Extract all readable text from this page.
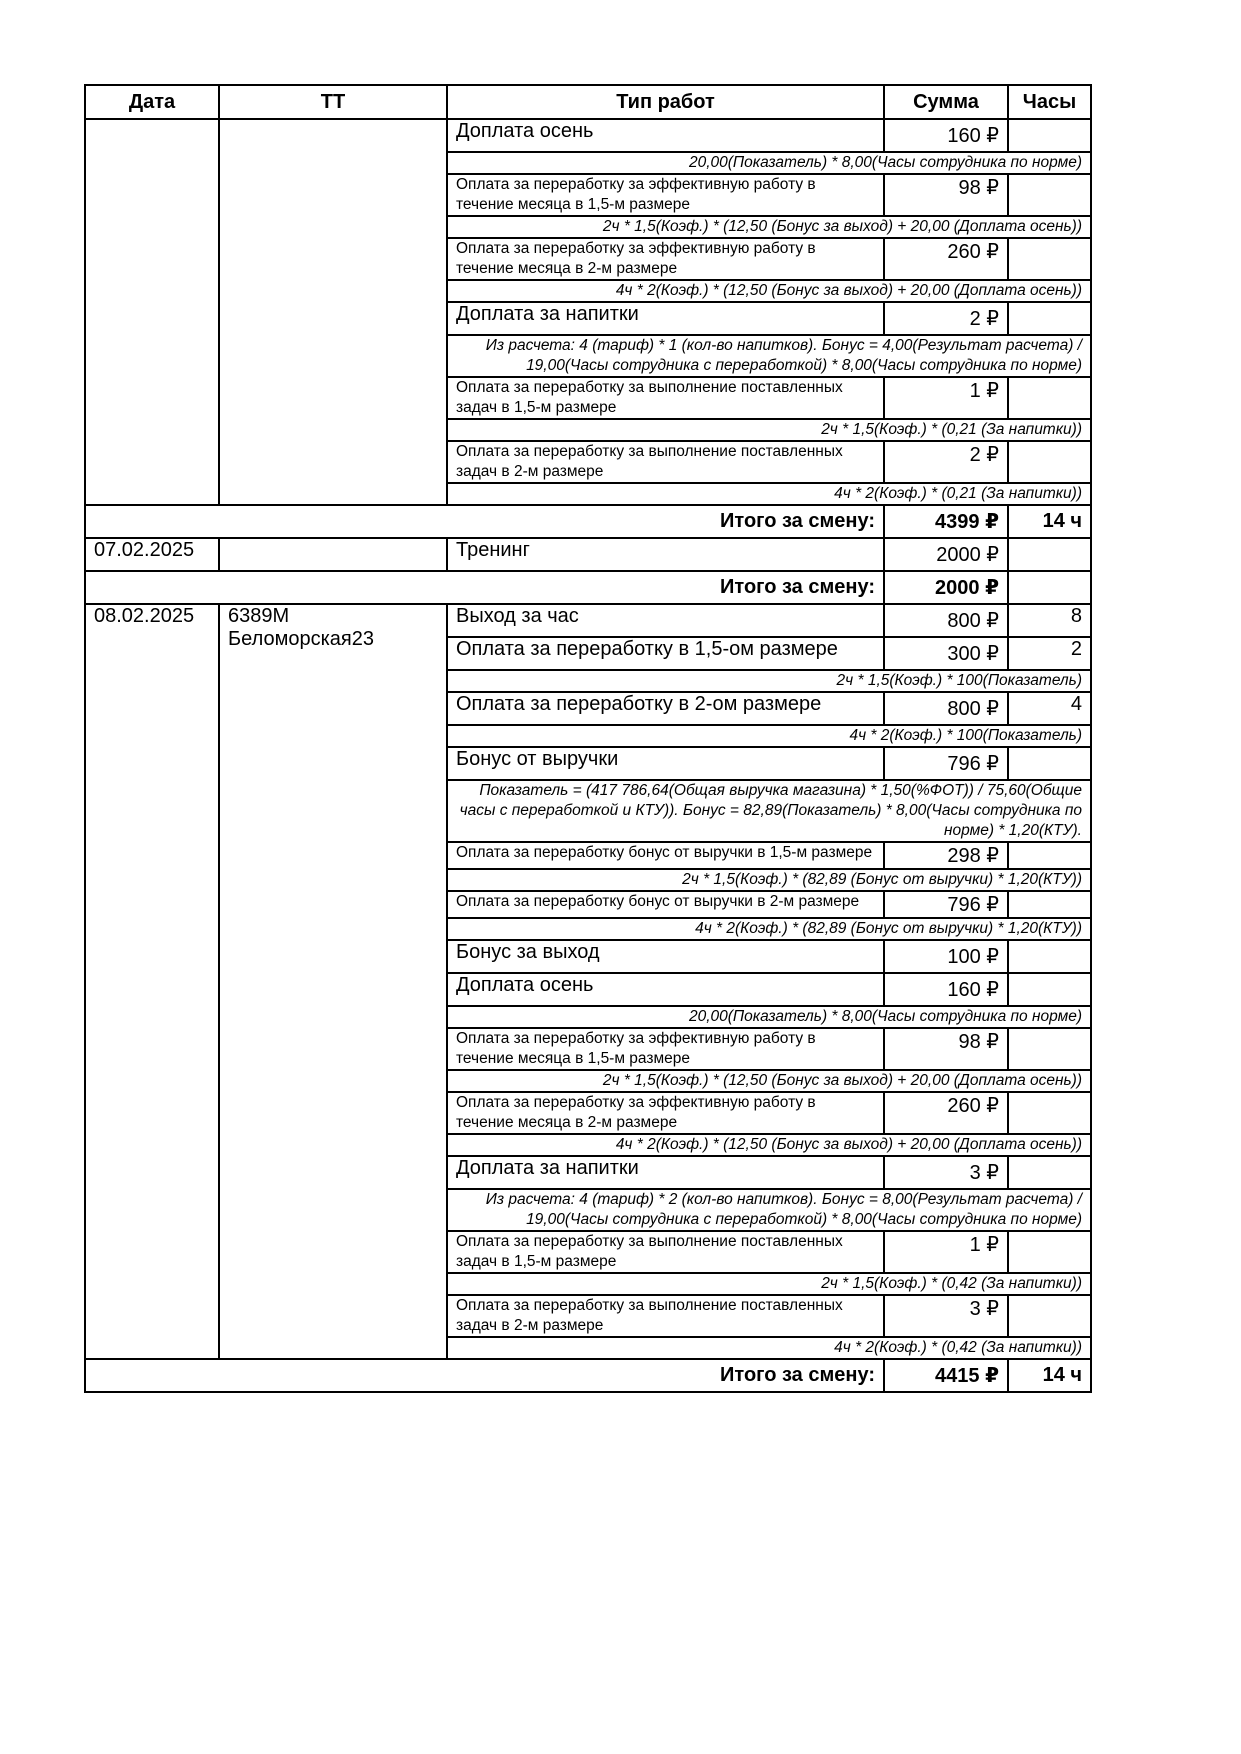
Дата	ТТ	Тип работ	Сумма	Часы
		Доплата осень	160 ₽	
		20,00(Показатель) * 8,00(Часы сотрудника по норме)		
		Оплата за переработку за эффективную работу в течение месяца в 1,5-м размере	98 ₽	
		2ч * 1,5(Коэф.) * (12,50 (Бонус за выход) + 20,00 (Доплата осень))		
		Оплата за переработку за эффективную работу в течение месяца в 2-м размере	260 ₽	
		4ч * 2(Коэф.) * (12,50 (Бонус за выход) + 20,00 (Доплата осень))		
		Доплата за напитки	2 ₽	
		Из расчета: 4 (тариф) * 1 (кол-во напитков). Бонус = 4,00(Результат расчета) / 19,00(Часы сотрудника с переработкой) * 8,00(Часы сотрудника по норме)		
		Оплата за переработку за выполнение поставленных задач в 1,5-м размере	1 ₽	
		2ч * 1,5(Коэф.) * (0,21 (За напитки))		
		Оплата за переработку за выполнение поставленных задач в 2-м размере	2 ₽	
		4ч * 2(Коэф.) * (0,21 (За напитки))		
Итого за смену:			4399 ₽	14 ч
07.02.2025		Тренинг	2000 ₽	
Итого за смену:			2000 ₽	
08.02.2025	6389М Беломорская23	Выход за час	800 ₽	8
		Оплата за переработку в 1,5-ом размере	300 ₽	2
		2ч * 1,5(Коэф.) * 100(Показатель)		
		Оплата за переработку в 2-ом размере	800 ₽	4
		4ч * 2(Коэф.) * 100(Показатель)		
		Бонус от выручки	796 ₽	
		Показатель = (417 786,64(Общая выручка магазина) * 1,50(%ФОТ)) / 75,60(Общие часы с переработкой и КТУ)). Бонус = 82,89(Показатель) * 8,00(Часы сотрудника по норме) * 1,20(КТУ).		
		Оплата за переработку бонус от выручки в 1,5-м размере	298 ₽	
		2ч * 1,5(Коэф.) * (82,89 (Бонус от выручки) * 1,20(КТУ))		
		Оплата за переработку бонус от выручки в 2-м размере	796 ₽	
		4ч * 2(Коэф.) * (82,89 (Бонус от выручки) * 1,20(КТУ))		
		Бонус за выход	100 ₽	
		Доплата осень	160 ₽	
		20,00(Показатель) * 8,00(Часы сотрудника по норме)		
		Оплата за переработку за эффективную работу в течение месяца в 1,5-м размере	98 ₽	
		2ч * 1,5(Коэф.) * (12,50 (Бонус за выход) + 20,00 (Доплата осень))		
		Оплата за переработку за эффективную работу в течение месяца в 2-м размере	260 ₽	
		4ч * 2(Коэф.) * (12,50 (Бонус за выход) + 20,00 (Доплата осень))		
		Доплата за напитки	3 ₽	
		Из расчета: 4 (тариф) * 2 (кол-во напитков). Бонус = 8,00(Результат расчета) / 19,00(Часы сотрудника с переработкой) * 8,00(Часы сотрудника по норме)		
		Оплата за переработку за выполнение поставленных задач в 1,5-м размере	1 ₽	
		2ч * 1,5(Коэф.) * (0,42 (За напитки))		
		Оплата за переработку за выполнение поставленных задач в 2-м размере	3 ₽	
		4ч * 2(Коэф.) * (0,42 (За напитки))		
Итого за смену:			4415 ₽	14 ч
